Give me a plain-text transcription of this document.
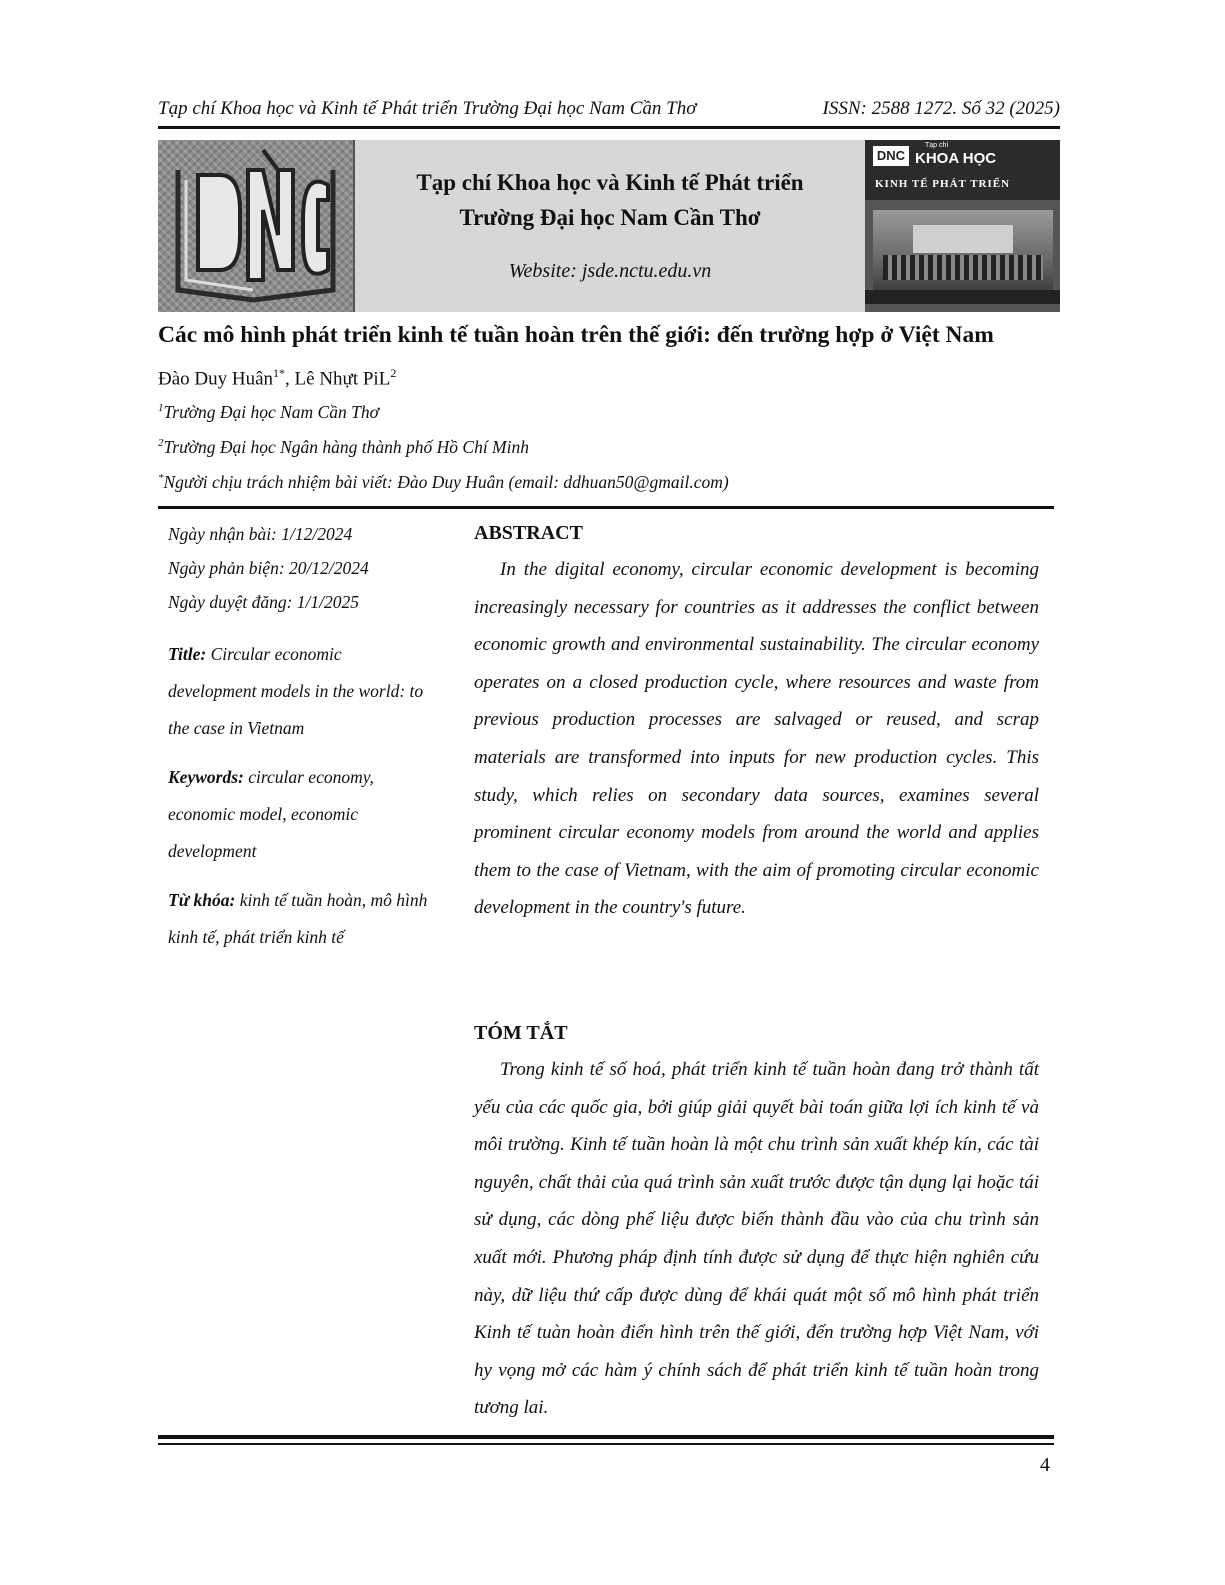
Tạp chí Khoa học và Kinh tế Phát triển Trường Đại học Nam Cần Thơ	ISSN: 2588 1272. Số 32 (2025)
Tạp chí Khoa học và Kinh tế Phát triển
Trường Đại học Nam Cần Thơ
Website: jsde.nctu.edu.vn
DNC
Tạp chí
KHOA HỌC
KINH TẾ PHÁT TRIỂN
Các mô hình phát triển kinh tế tuần hoàn trên thế giới: đến trường hợp ở Việt Nam
Đào Duy Huân$^{1*}$, Lê Nhựt PiL$^2$
$^1$Trường Đại học Nam Cần Thơ
$^2$Trường Đại học Ngân hàng thành phố Hồ Chí Minh
*Người chịu trách nhiệm bài viết: Đào Duy Huân (email: ddhuan50@gmail.com)
Ngày nhận bài: 1/12/2024
Ngày phản biện: 20/12/2024
Ngày duyệt đăng: 1/1/2025
Title: Circular economic development models in the world: to the case in Vietnam
Keywords: circular economy, economic model, economic development
Từ khóa: kinh tế tuần hoàn, mô hình kinh tế, phát triển kinh tế
ABSTRACT

In the digital economy, circular economic development is becoming increasingly necessary for countries as it addresses the conflict between economic growth and environmental sustainability. The circular economy operates on a closed production cycle, where resources and waste from previous production processes are salvaged or reused, and scrap materials are transformed into inputs for new production cycles. This study, which relies on secondary data sources, examines several prominent circular economy models from around the world and applies them to the case of Vietnam, with the aim of promoting circular economic development in the country's future.

TÓM TẮT

Trong kinh tế số hoá, phát triển kinh tế tuần hoàn đang trở thành tất yếu của các quốc gia, bởi giúp giải quyết bài toán giữa lợi ích kinh tế và môi trường. Kinh tế tuần hoàn là một chu trình sản xuất khép kín, các tài nguyên, chất thải của quá trình sản xuất trước được tận dụng lại hoặc tái sử dụng, các dòng phế liệu được biến thành đầu vào của chu trình sản xuất mới. Phương pháp định tính được sử dụng để thực hiện nghiên cứu này, dữ liệu thứ cấp được dùng để khái quát một số mô hình phát triển Kinh tế tuàn hoàn điển hình trên thế giới, đến trường hợp Việt Nam, với hy vọng mở các hàm ý chính sách để phát triển kinh tế tuần hoàn trong tương lai.

4
